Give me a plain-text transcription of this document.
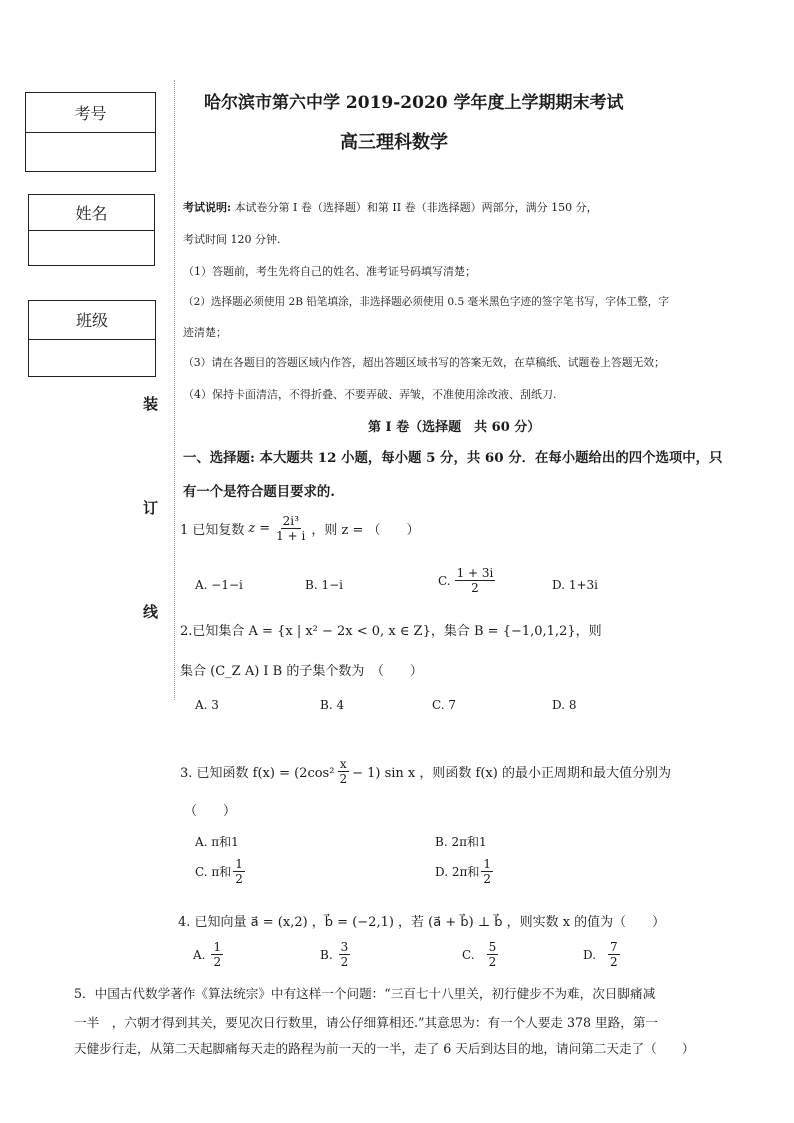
考号
姓名
班级
装
订
线
哈尔滨市第六中学 2019-2020 学年度上学期期末考试
高三理科数学
考试说明: 本试卷分第 I 卷（选择题）和第 II 卷（非选择题）两部分，满分 150 分，
考试时间 120 分钟.
（1）答题前，考生先将自己的姓名、准考证号码填写清楚；
（2）选择题必须使用 2B 铅笔填涂，非选择题必须使用 0.5 毫米黑色字迹的签字笔书写，字体工整，字
迹清楚；
（3）请在各题目的答题区域内作答，超出答题区域书写的答案无效，在草稿纸、试题卷上答题无效；
（4）保持卡面清洁，不得折叠、不要弄破、弄皱，不准使用涂改液、刮纸刀.
第 I 卷（选择题　共 60 分）
一、选择题: 本大题共 12 小题，每小题 5 分，共 60 分．在每小题给出的四个选项中，只
有一个是符合题目要求的.
1 已知复数 $z = \frac{\text{2i³}}{1 + i}$ ，则 z = （　　）
A. −1−i	B. 1−i	C. $\frac{1 + 3i}{2}$	D. 1+3i
2.已知集合 A = {x | x² − 2x < 0, x ∈ Z}，集合 B = {−1,0,1,2}，则
集合 (C_Z A) I B 的子集个数为　（　　）
A. 3	B. 4	C. 7	D. 8
3. 已知函数 $f(x) = (2\cos^2 \frac{x}{2} - 1)$ sin x ，则函数 f(x) 的最小正周期和最大值分别为
（　　）
A. π和1	B. 2π和1
C. π和 $\frac{1}{2}$	D. 2π和 $\frac{1}{2}$
4. 已知向量 a⃗ = (x,2) ，b⃗ = (−2,1) ，若 (a⃗ + b⃗) ⊥ b⃗ ，则实数 x 的值为（　　）
A. $\frac{1}{2}$	B. $\frac{3}{2}$	C. $\frac{5}{2}$	D. $\frac{7}{2}$
5．中国古代数学著作《算法统宗》中有这样一个问题：“三百七十八里关，初行健步不为难，次日脚痛减
一半　，六朝才得到其关，要见次日行数里，请公仔细算相还.”其意思为：有一个人要走 378 里路，第一
天健步行走，从第二天起脚痛每天走的路程为前一天的一半，走了 6 天后到达目的地，请问第二天走了（　　）
